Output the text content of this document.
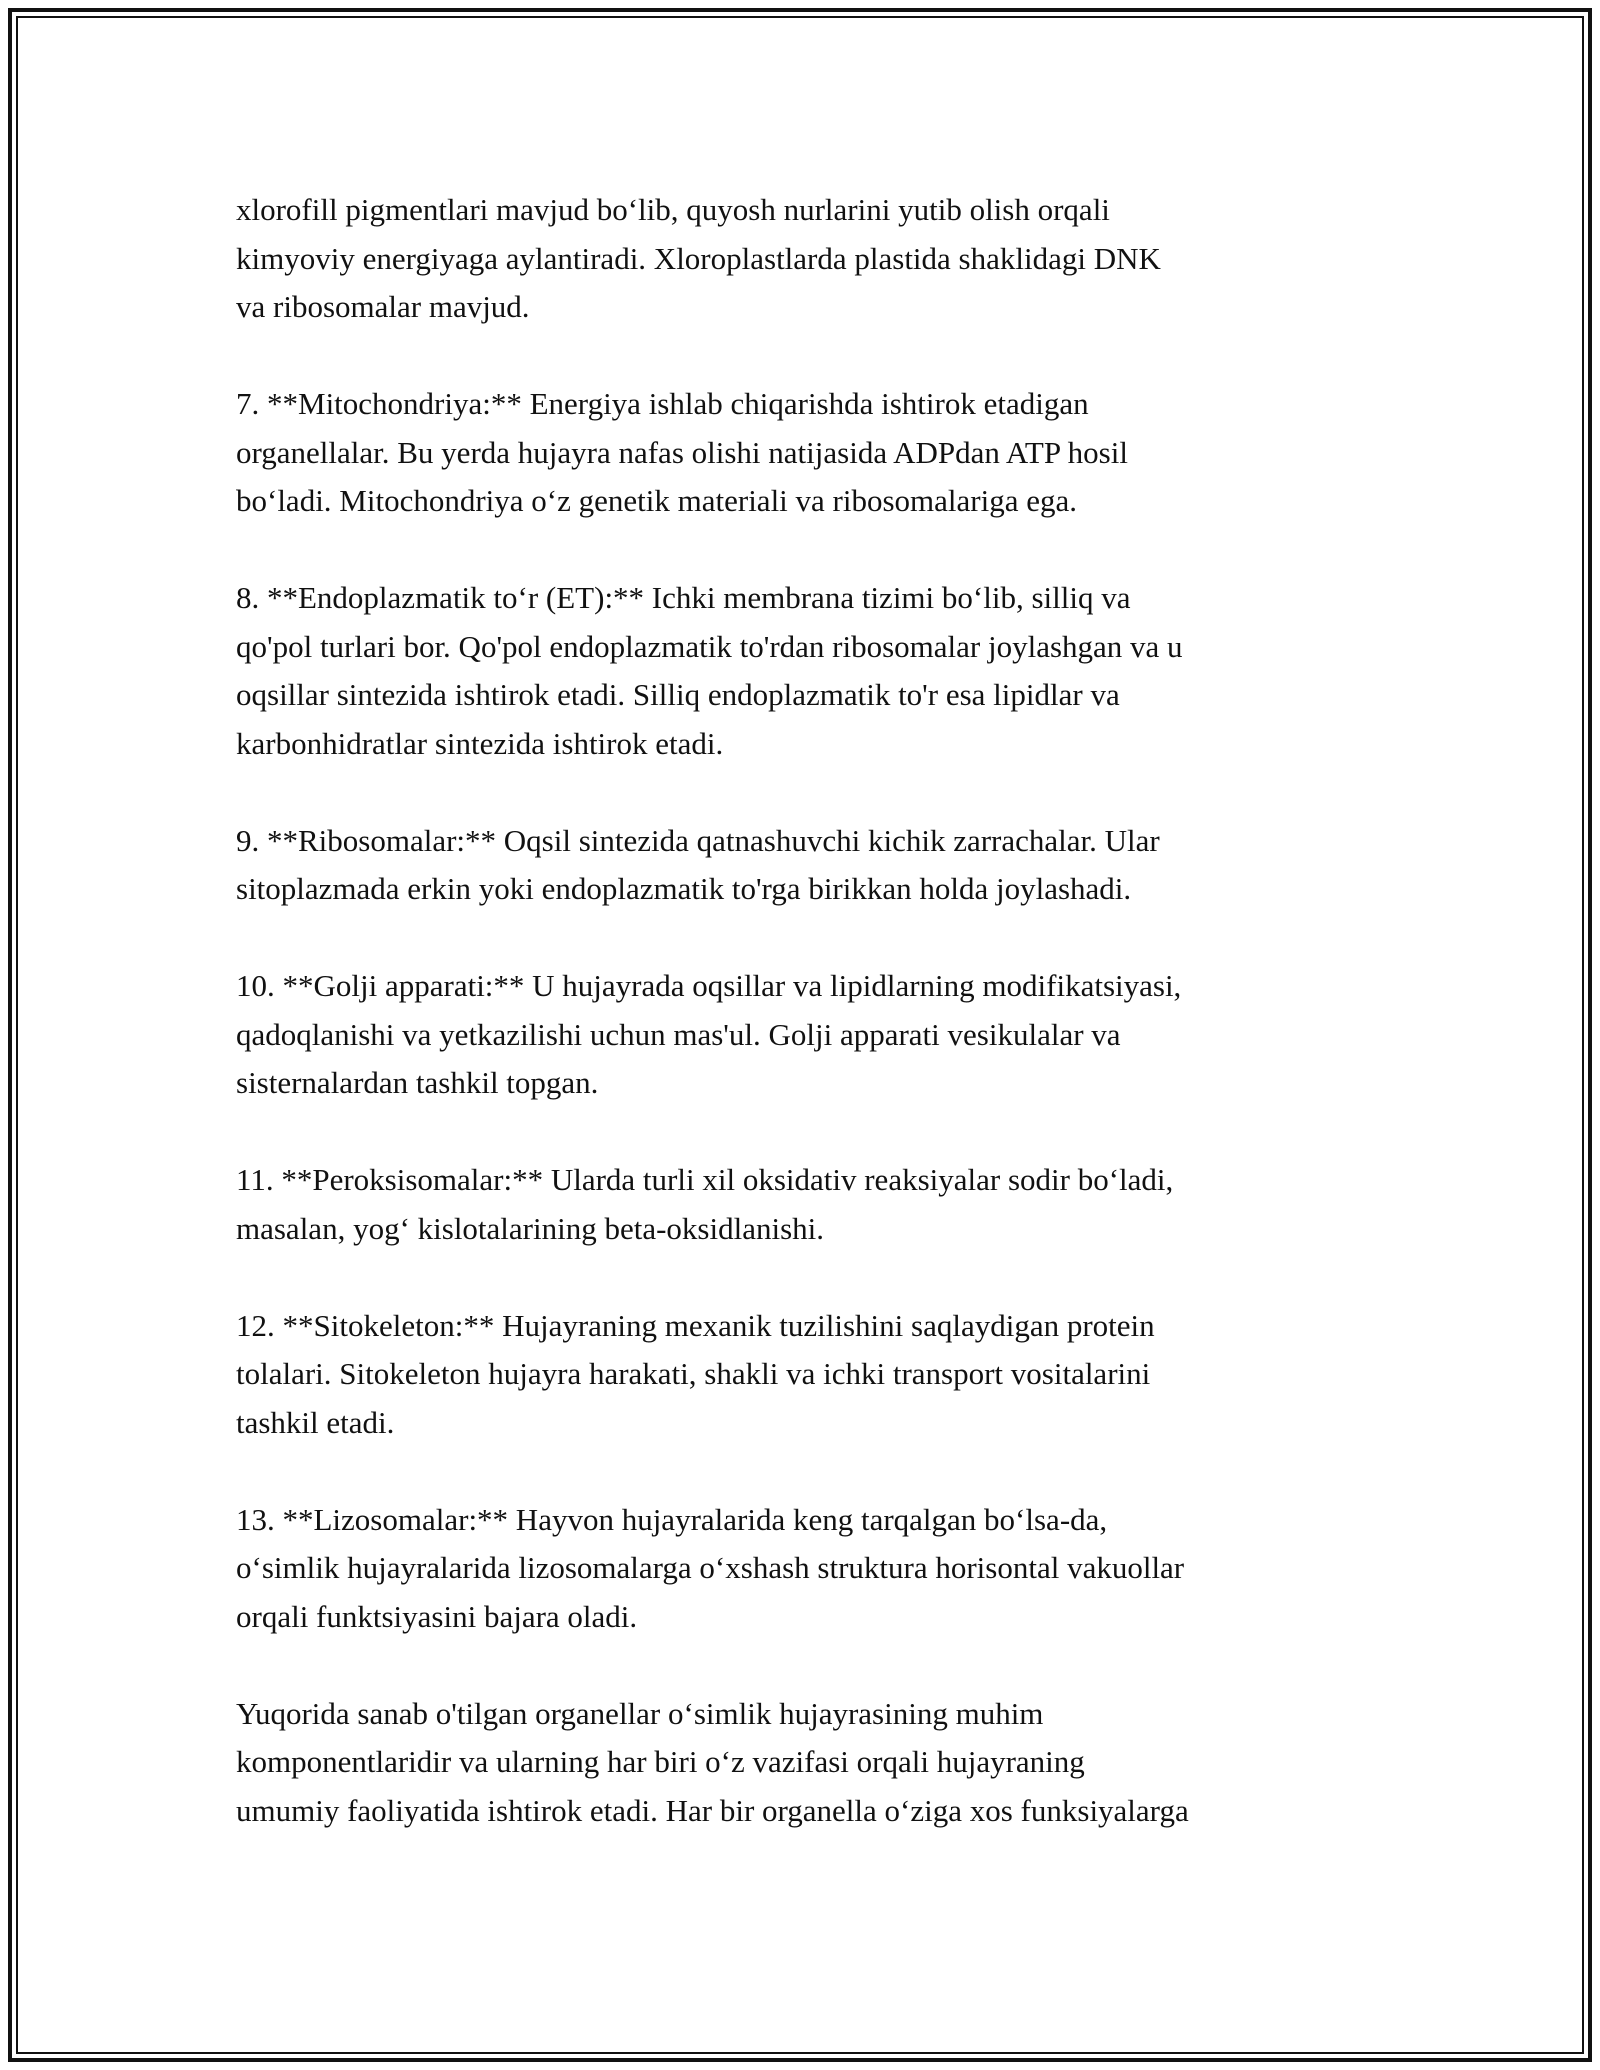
xlorofill pigmentlari mavjud bo‘lib, quyosh nurlarini yutib olish orqali
kimyoviy energiyaga aylantiradi. Xloroplastlarda plastida shaklidagi DNK
va ribosomalar mavjud.

7. **Mitochondriya:** Energiya ishlab chiqarishda ishtirok etadigan
organellalar. Bu yerda hujayra nafas olishi natijasida ADPdan ATP hosil
bo‘ladi. Mitochondriya o‘z genetik materiali va ribosomalariga ega.

8. **Endoplazmatik to‘r (ET):** Ichki membrana tizimi bo‘lib, silliq va
qo'pol turlari bor. Qo'pol endoplazmatik to'rdan ribosomalar joylashgan va u
oqsillar sintezida ishtirok etadi. Silliq endoplazmatik to'r esa lipidlar va
karbonhidratlar sintezida ishtirok etadi.

9. **Ribosomalar:** Oqsil sintezida qatnashuvchi kichik zarrachalar. Ular
sitoplazmada erkin yoki endoplazmatik to'rga birikkan holda joylashadi.

10. **Golji apparati:** U hujayrada oqsillar va lipidlarning modifikatsiyasi,
qadoqlanishi va yetkazilishi uchun mas'ul. Golji apparati vesikulalar va
sisternalardan tashkil topgan.

11. **Peroksisomalar:** Ularda turli xil oksidativ reaksiyalar sodir bo‘ladi,
masalan, yog‘ kislotalarining beta-oksidlanishi.

12. **Sitokeleton:** Hujayraning mexanik tuzilishini saqlaydigan protein
tolalari. Sitokeleton hujayra harakati, shakli va ichki transport vositalarini
tashkil etadi.

13. **Lizosomalar:** Hayvon hujayralarida keng tarqalgan bo‘lsa-da,
o‘simlik hujayralarida lizosomalarga o‘xshash struktura horisontal vakuollar
orqali funktsiyasini bajara oladi.

Yuqorida sanab o'tilgan organellar o‘simlik hujayrasining muhim
komponentlaridir va ularning har biri o‘z vazifasi orqali hujayraning
umumiy faoliyatida ishtirok etadi. Har bir organella o‘ziga xos funksiyalarga
